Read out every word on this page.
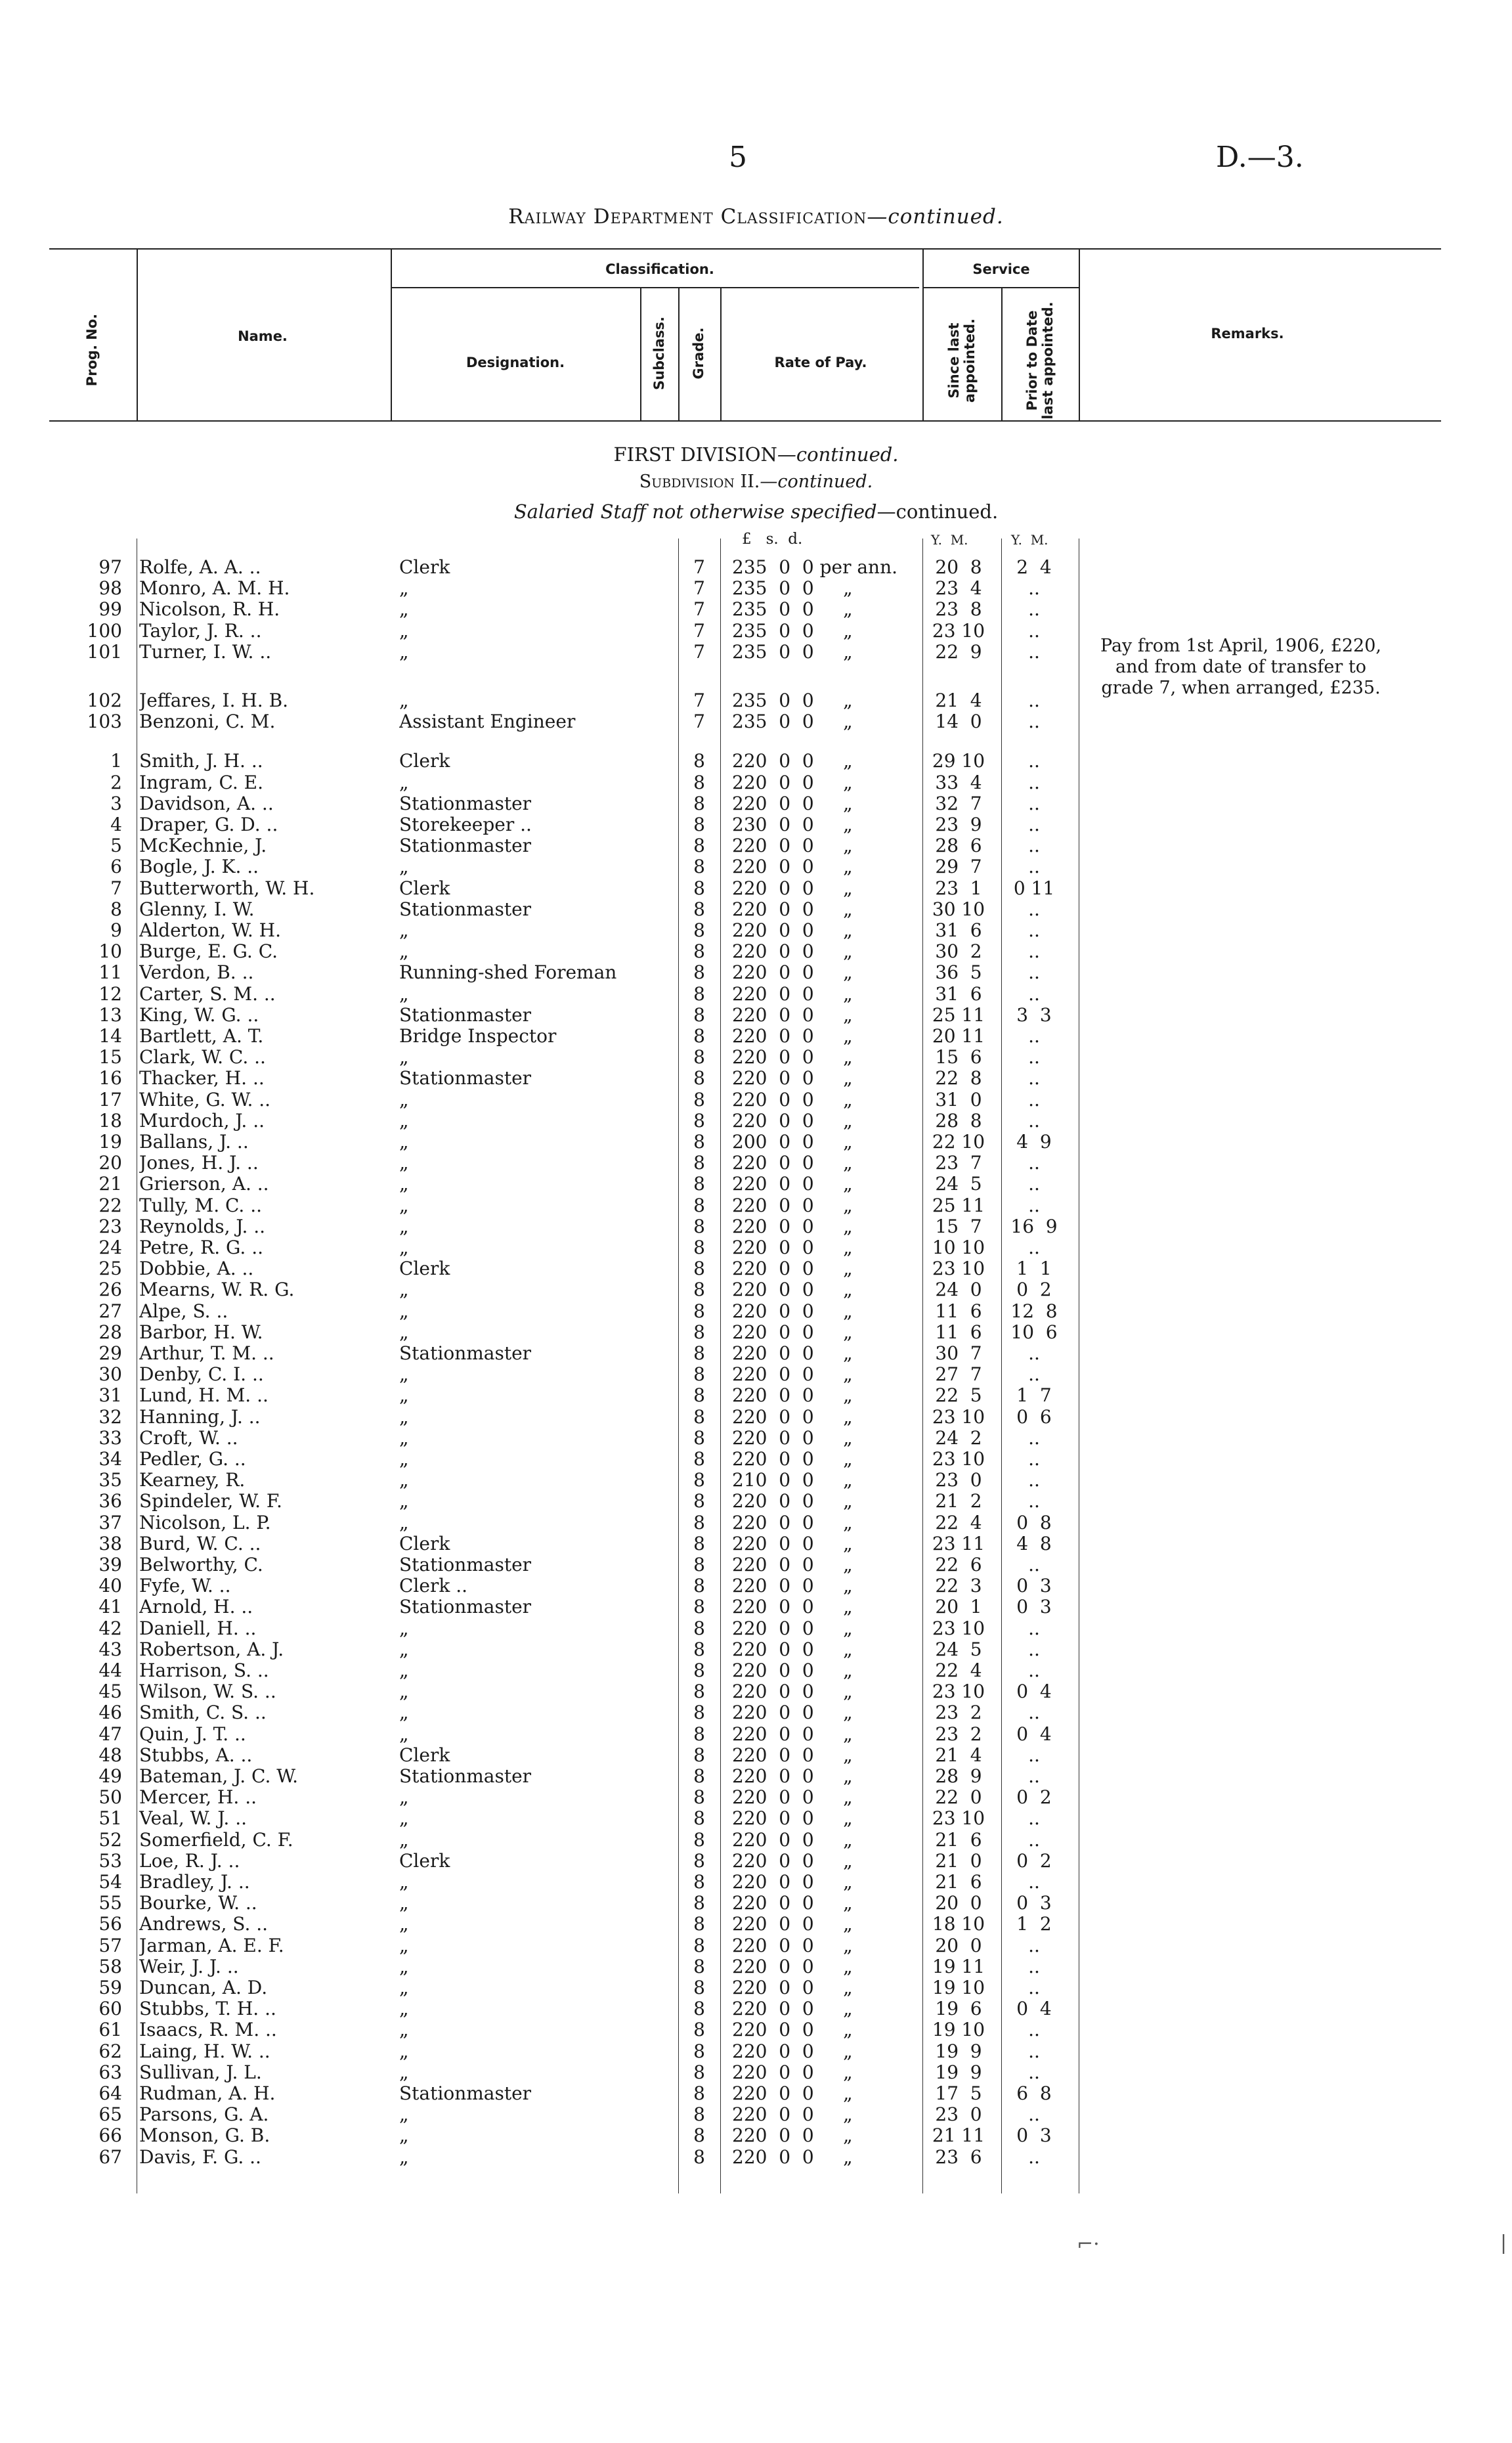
5	D.—3.
Railway Department Classification—continued.
Prog. No.	Name.
Classification.
Designation.	Subclass. Grade.	Rate of Pay.
Service
Since last appointed.	Prior to Date last appointed.	Remarks.
FIRST DIVISION—continued.
Subdivision II.—continued.
Salaried Staff not otherwise specified—continued.
£   s.  d.	Y.  M.	Y.  M.
97 Rolfe, A. A. ..	Clerk	7	235  0  0 per ann.	20  8	2  4
98 Monro, A. M. H.	„	7	235  0  0     „	23  4	..
99 Nicolson, R. H.	„	7	235  0  0     „	23  8	..
100 Taylor, J. R. ..	„	7	235  0  0     „	23 10	..
101 Turner, I. W. ..	„	7	235  0  0     „	22  9	..
102 Jeffares, I. H. B.	„	7	235  0  0     „	21  4	..
103 Benzoni, C. M.	Assistant Engineer	7	235  0  0     „	14  0	..
1 Smith, J. H. ..	Clerk	8	220  0  0     „	29 10	..
2 Ingram, C. E.	„	8	220  0  0     „	33  4	..
3 Davidson, A. ..	Stationmaster	8	220  0  0     „	32  7	..
4 Draper, G. D. ..	Storekeeper ..	8	230  0  0     „	23  9	..
5 McKechnie, J.	Stationmaster	8	220  0  0     „	28  6	..
6 Bogle, J. K. ..	„	8	220  0  0     „	29  7	..
7 Butterworth, W. H.	Clerk	8	220  0  0     „	23  1	0 11
8 Glenny, I. W.	Stationmaster	8	220  0  0     „	30 10	..
9 Alderton, W. H.	„	8	220  0  0     „	31  6	..
10 Burge, E. G. C.	„	8	220  0  0     „	30  2	..
11 Verdon, B. ..	Running-shed Foreman	8	220  0  0     „	36  5	..
12 Carter, S. M. ..	„	8	220  0  0     „	31  6	..
13 King, W. G. ..	Stationmaster	8	220  0  0     „	25 11	3  3
14 Bartlett, A. T.	Bridge Inspector	8	220  0  0     „	20 11	..
15 Clark, W. C. ..	„	8	220  0  0     „	15  6	..
16 Thacker, H. ..	Stationmaster	8	220  0  0     „	22  8	..
17 White, G. W. ..	„	8	220  0  0     „	31  0	..
18 Murdoch, J. ..	„	8	220  0  0     „	28  8	..
19 Ballans, J. ..	„	8	200  0  0     „	22 10	4  9
20 Jones, H. J. ..	„	8	220  0  0     „	23  7	..
21 Grierson, A. ..	„	8	220  0  0     „	24  5	..
22 Tully, M. C. ..	„	8	220  0  0     „	25 11	..
23 Reynolds, J. ..	„	8	220  0  0     „	15  7	16  9
24 Petre, R. G. ..	„	8	220  0  0     „	10 10	..
25 Dobbie, A. ..	Clerk	8	220  0  0     „	23 10	1  1
26 Mearns, W. R. G.	„	8	220  0  0     „	24  0	0  2
27 Alpe, S. ..	„	8	220  0  0     „	11  6	12  8
28 Barbor, H. W.	„	8	220  0  0     „	11  6	10  6
29 Arthur, T. M. ..	Stationmaster	8	220  0  0     „	30  7	..
30 Denby, C. I. ..	„	8	220  0  0     „	27  7	..
31 Lund, H. M. ..	„	8	220  0  0     „	22  5	1  7
32 Hanning, J. ..	„	8	220  0  0     „	23 10	0  6
33 Croft, W. ..	„	8	220  0  0     „	24  2	..
34 Pedler, G. ..	„	8	220  0  0     „	23 10	..
35 Kearney, R.	„	8	210  0  0     „	23  0	..
36 Spindeler, W. F.	„	8	220  0  0     „	21  2	..
37 Nicolson, L. P.	„	8	220  0  0     „	22  4	0  8
38 Burd, W. C. ..	Clerk	8	220  0  0     „	23 11	4  8
39 Belworthy, C.	Stationmaster	8	220  0  0     „	22  6	..
40 Fyfe, W. ..	Clerk ..	8	220  0  0     „	22  3	0  3
41 Arnold, H. ..	Stationmaster	8	220  0  0     „	20  1	0  3
42 Daniell, H. ..	„	8	220  0  0     „	23 10	..
43 Robertson, A. J.	„	8	220  0  0     „	24  5	..
44 Harrison, S. ..	„	8	220  0  0     „	22  4	..
45 Wilson, W. S. ..	„	8	220  0  0     „	23 10	0  4
46 Smith, C. S. ..	„	8	220  0  0     „	23  2	..
47 Quin, J. T. ..	„	8	220  0  0     „	23  2	0  4
48 Stubbs, A. ..	Clerk	8	220  0  0     „	21  4	..
49 Bateman, J. C. W.	Stationmaster	8	220  0  0     „	28  9	..
50 Mercer, H. ..	„	8	220  0  0     „	22  0	0  2
51 Veal, W. J. ..	„	8	220  0  0     „	23 10	..
52 Somerfield, C. F.	„	8	220  0  0     „	21  6	..
53 Loe, R. J. ..	Clerk	8	220  0  0     „	21  0	0  2
54 Bradley, J. ..	„	8	220  0  0     „	21  6	..
55 Bourke, W. ..	„	8	220  0  0     „	20  0	0  3
56 Andrews, S. ..	„	8	220  0  0     „	18 10	1  2
57 Jarman, A. E. F.	„	8	220  0  0     „	20  0	..
58 Weir, J. J. ..	„	8	220  0  0     „	19 11	..
59 Duncan, A. D.	„	8	220  0  0     „	19 10	..
60 Stubbs, T. H. ..	„	8	220  0  0     „	19  6	0  4
61 Isaacs, R. M. ..	„	8	220  0  0     „	19 10	..
62 Laing, H. W. ..	„	8	220  0  0     „	19  9	..
63 Sullivan, J. L.	„	8	220  0  0     „	19  9	..
64 Rudman, A. H.	Stationmaster	8	220  0  0     „	17  5	6  8
65 Parsons, G. A.	„	8	220  0  0     „	23  0	..
66 Monson, G. B.	„	8	220  0  0     „	21 11	0  3
67 Davis, F. G. ..	„	8	220  0  0     „	23  6	..
Pay from 1st April, 1906, £220, and from date of transfer to grade 7, when arranged, £235.
⌐·	|
